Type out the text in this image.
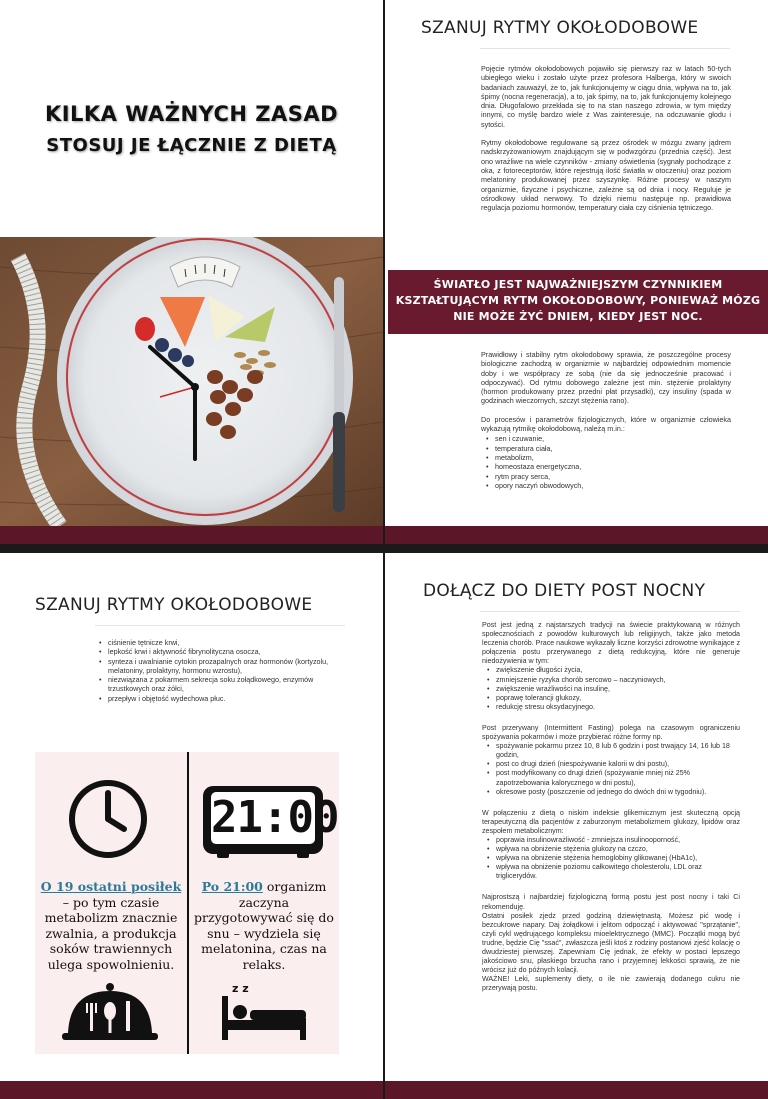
KILKA WAŻNYCH ZASAD
STOSUJ JE ŁĄCZNIE Z DIETĄ
SZANUJ RYTMY OKOŁODOBOWE

Pojęcie rytmów okołodobowych pojawiło się pierwszy raz w latach 50-tych ubiegłego wieku i zostało użyte przez profesora Halberga, który w swoich badaniach zauważył, że to, jak funkcjonujemy w ciągu dnia, wpływa na to, jak śpimy (nocna regeneracja), a to, jak śpimy, na to, jak funkcjonujemy kolejnego dnia. Długofalowo przekłada się to na stan naszego zdrowia, w tym między innymi, co myślę bardzo wiele z Was zainteresuje, na odczuwanie głodu i sytości.

Rytmy okołodobowe regulowane są przez ośrodek w mózgu zwany jądrem nadskrzyżowaniowym znajdującym się w podwzgórzu (przednia część). Jest ono wrażliwe na wiele czynników - zmiany oświetlenia (sygnały pochodzące z oka, z fotoreceptorów, które rejestrują ilość światła w otoczeniu) oraz poziom melatoniny produkowanej przez szyszynkę. Różne procesy w naszym organizmie, fizyczne i psychiczne, zależne są od dnia i nocy. Reguluje je ośrodkowy układ nerwowy. To dzięki niemu następuje np. prawidłowa regulacja poziomu hormonów, temperatury ciała czy ciśnienia tętniczego.

Prawidłowy i stabilny rytm okołodobowy sprawia, że poszczególne procesy biologiczne zachodzą w organizmie w najbardziej odpowiednim momencie doby i we współpracy ze sobą (nie da się jednocześnie pracować i odpoczywać). Od rytmu dobowego zależne jest min. stężenie prolaktyny (hormon produkowany przez przedni płat przysadki), czy insuliny (spada w godzinach wieczornych, szczyt stężenia rano).

Do procesów i parametrów fizjologicznych, które w organizmie człowieka wykazują rytmikę okołodobową, należą m.in.:

• sen i czuwanie,
• temperatura ciała,
• metabolizm,
• homeostaza energetyczna,
• rytm pracy serca,
• opory naczyń obwodowych,
ŚWIATŁO JEST NAJWAŻNIEJSZYM CZYNNIKIEM KSZTAŁTUJĄCYM RYTM OKOŁODOBOWY, PONIEWAŻ MÓZG NIE MOŻE ŻYĆ DNIEM, KIEDY JEST NOC.
SZANUJ RYTMY OKOŁODOBOWE
• ciśnienie tętnicze krwi,
• lepkość krwi i aktywność fibrynolityczna osocza,
• synteza i uwalnianie cytokin prozapalnych oraz hormonów (kortyzolu, melatoniny, prolaktyny, hormonu wzrostu),
• niezwiązana z pokarmem sekrecja soku żołądkowego, enzymów trzustkowych oraz żółci,
• przepływ i objętość wydechowa płuc.
21:00
O 19 ostatni posiłek – po tym czasie metabolizm znacznie zwalnia, a produkcja soków trawiennych ulega spowolnieniu.
Po 21:00 organizm zaczyna przygotowywać się do snu – wydziela się melatonina, czas na relaks.
z z
DOŁĄCZ DO DIETY POST NOCNY

Post jest jedną z najstarszych tradycji na świecie praktykowaną w różnych społecznościach z powodów kulturowych lub religijnych, także jako metoda leczenia chorób. Prace naukowe wykazały liczne korzyści zdrowotne wynikające z połączenia postu przerywanego z dietą redukcyjną, które nie generuje niedożywienia w tym:

• zwiększenie długości życia,
• zmniejszenie ryzyka chorób sercowo – naczyniowych,
• zwiększenie wrażliwości na insulinę,
• poprawę tolerancji glukozy,
• redukcję stresu oksydacyjnego.

Post przerywany (Intermittent Fasting) polega na czasowym ograniczeniu spożywania pokarmów i może przybierać różne formy np.

• spożywanie pokarmu przez 10, 8 lub 6 godzin i post trwający 14, 16 lub 18 godzin,
• post co drugi dzień (niespożywanie kalorii w dni postu),
• post modyfikowany co drugi dzień (spożywanie mniej niż 25% zapotrzebowania kalorycznego w dni postu),
• okresowe posty (poszczenie od jednego do dwóch dni w tygodniu).

W połączeniu z dietą o niskim indeksie glikemicznym jest skuteczną opcją terapeutyczną dla pacjentów z zaburzonym metabolizmem glukozy, lipidów oraz zespołem metabolicznym:

• poprawia insulinowrażliwość - zmniejsza insulinooporność,
• wpływa na obniżenie stężenia glukozy na czczo,
• wpływa na obniżenie stężenia hemoglobiny glikowanej (HbA1c),
• wpływa na obniżenie poziomu całkowitego cholesterolu, LDL oraz triglicerydów.

Najprostszą i najbardziej fizjologiczną formą postu jest post nocny i taki Ci rekomenduję.

Ostatni posiłek zjedz przed godziną dziewiętnastą. Możesz pić wodę i bezcukrowe napary. Daj żołądkowi i jelitom odpocząć i aktywować "sprzątanie", czyli cykl wędrującego kompleksu mioelektrycznego (MMC). Początki mogą być trudne, będzie Cię "ssać", zwłaszcza jeśli ktoś z rodziny postanowi zjeść kolację o dwudziestej pierwszej. Zapewniam Cię jednak, że efekty w postaci lepszego jakościowo snu, płaskiego brzucha rano i przyjemnej lekkości sprawią, że nie wrócisz już do późnych kolacji.

WAŻNE! Leki, suplementy diety, o ile nie zawierają dodanego cukru nie przerywają postu.
